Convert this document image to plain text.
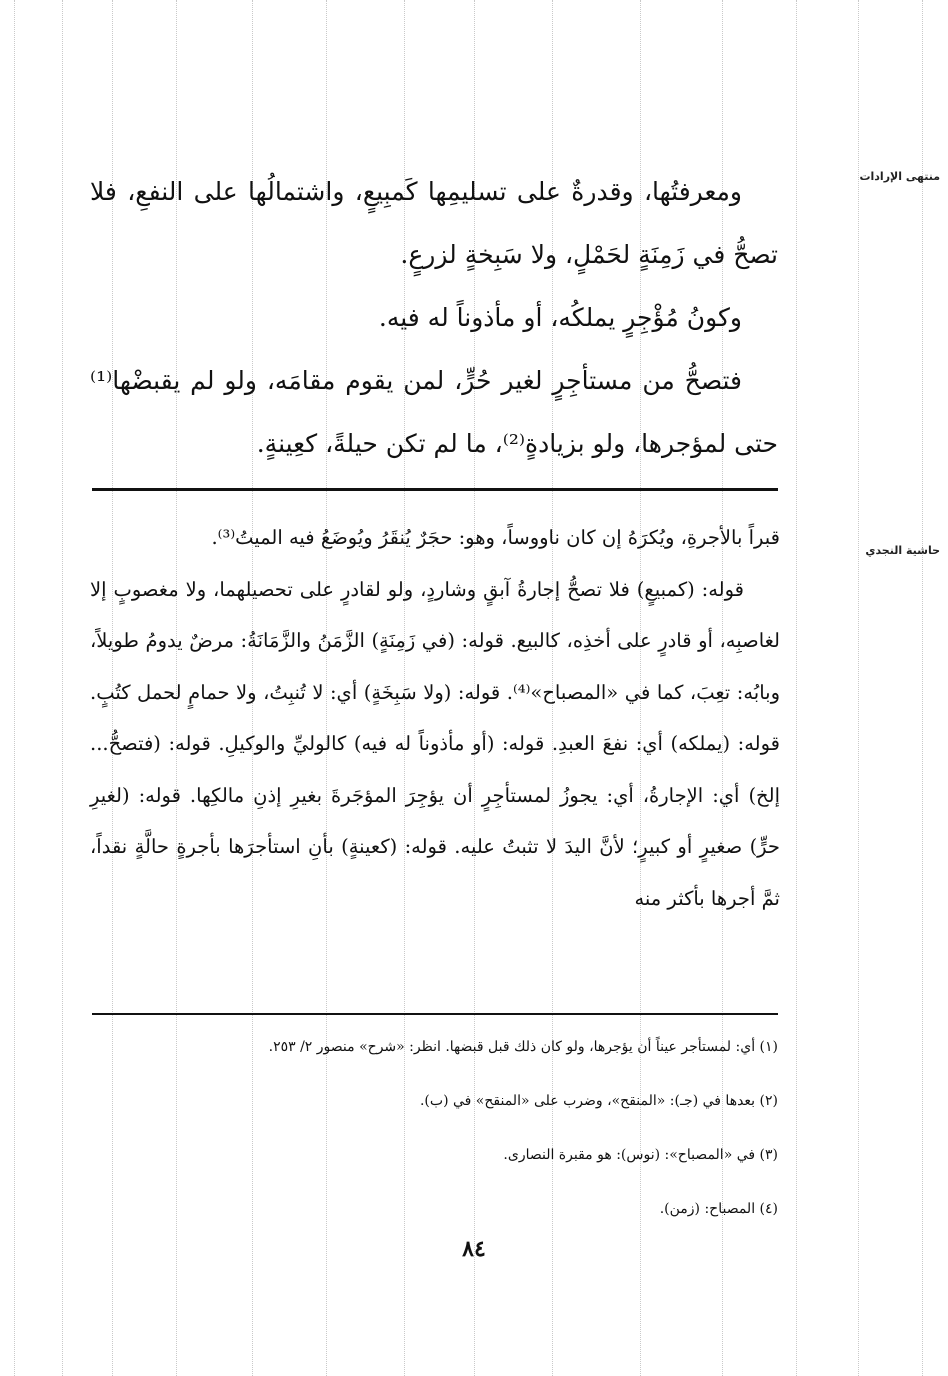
منتهى الإرادات
حاشية النجدي

ومعرفتُها، وقدرةٌ على تسليمِها كَمبِيعٍ، واشتمالُها على النفعِ، فلا تصحُّ في زَمِنَةٍ لحَمْلٍ، ولا سَبِخةٍ لزرعٍ.

وكونُ مُؤْجِرٍ يملكُه، أو مأذوناً له فيه.

فتصحُّ من مستأجِرٍ لغير حُرٍّ، لمن يقوم مقامَه، ولو لم يقبضْها⁽¹⁾حتى لمؤجرها، ولو بزيادةٍ⁽²⁾، ما لم تكن حيلةً، كعِينةٍ.

قبراً بالأجرةِ، ويُكرَهُ إن كان ناووساً، وهو: حجَرٌ يُنقَرُ ويُوضَعُ فيه الميتُ⁽³⁾.

قوله: (كمبيعٍ) فلا تصحُّ إجارةُ آبقٍ وشاردٍ، ولو لقادرٍ على تحصيلهما، ولا مغصوبٍ إلا لغاصبِه، أو قادرٍ على أخذِه، كالبيع. قوله: (في زَمِنَةٍ) الزَّمَنُ والزَّمَانَةُ: مرضٌ يدومُ طويلاً، وبابُه: تعِبَ، كما في «المصباح»⁽⁴⁾. قوله: (ولا سَبِخَةٍ) أي: لا تُنبِتُ، ولا حمامٍ لحمل كتُبٍ. قوله: (يملكه) أي: نفعَ العبدِ. قوله: (أو مأذوناً له فيه) كالوليِّ والوكيلِ. قوله: (فتصحُّ... إلخ) أي: الإجارةُ، أي: يجوزُ لمستأجِرٍ أن يؤجِرَ المؤجَرةَ بغيرِ إذنِ مالكِها. قوله: (لغيرِ حرٍّ) صغيرٍ أو كبيرٍ؛ لأنَّ اليدَ لا تثبتُ عليه. قوله: (كعينةٍ) بأنِ استأجرَها بأجرةٍ حالَّةٍ نقداً، ثمَّ أجرها بأكثر منه

(١) أي: لمستأجر عيناً أن يؤجرها، ولو كان ذلك قبل قبضها. انظر: «شرح» منصور ٢/ ٢٥٣.

(٢) بعدها في (جـ): «المنقح»، وضرب على «المنقح» في (ب).

(٣) في «المصباح»: (نوس): هو مقبرة النصارى.

(٤) المصباح: (زمن).

٨٤
